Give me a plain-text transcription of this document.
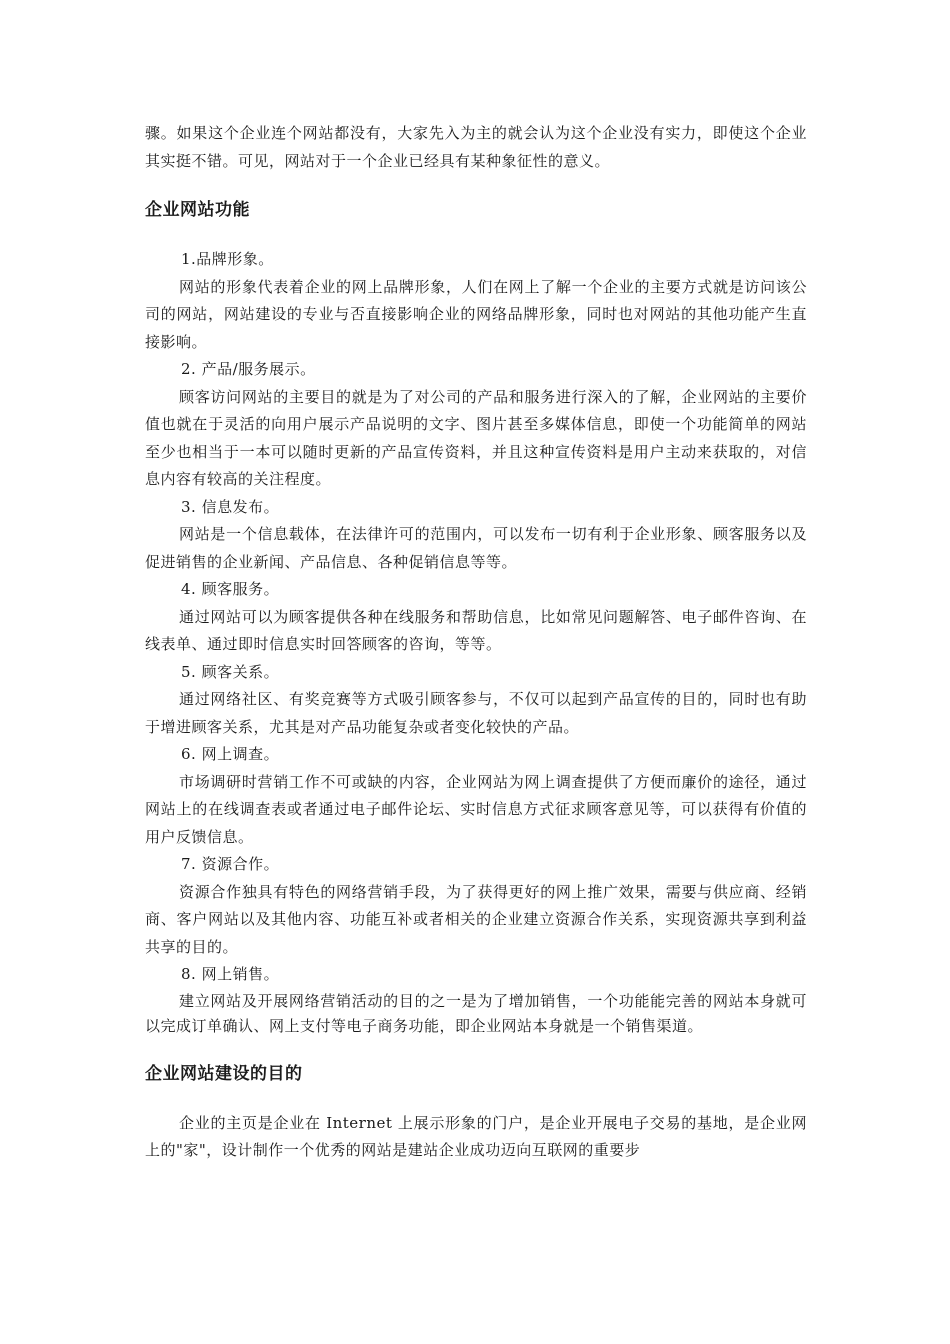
骤。如果这个企业连个网站都没有，大家先入为主的就会认为这个企业没有实力，即使这个企业其实挺不错。可见，网站对于一个企业已经具有某种象征性的意义。

企业网站功能

1.品牌形象。

网站的形象代表着企业的网上品牌形象，人们在网上了解一个企业的主要方式就是访问该公司的网站，网站建设的专业与否直接影响企业的网络品牌形象，同时也对网站的其他功能产生直接影响。

2. 产品/服务展示。

顾客访问网站的主要目的就是为了对公司的产品和服务进行深入的了解，企业网站的主要价值也就在于灵活的向用户展示产品说明的文字、图片甚至多媒体信息，即使一个功能简单的网站至少也相当于一本可以随时更新的产品宣传资料，并且这种宣传资料是用户主动来获取的，对信息内容有较高的关注程度。

3. 信息发布。

网站是一个信息载体，在法律许可的范围内，可以发布一切有利于企业形象、顾客服务以及促进销售的企业新闻、产品信息、各种促销信息等等。

4. 顾客服务。

通过网站可以为顾客提供各种在线服务和帮助信息，比如常见问题解答、电子邮件咨询、在线表单、通过即时信息实时回答顾客的咨询，等等。

5. 顾客关系。

通过网络社区、有奖竞赛等方式吸引顾客参与，不仅可以起到产品宣传的目的，同时也有助于增进顾客关系，尤其是对产品功能复杂或者变化较快的产品。

6. 网上调查。

市场调研时营销工作不可或缺的内容，企业网站为网上调查提供了方便而廉价的途径，通过网站上的在线调查表或者通过电子邮件论坛、实时信息方式征求顾客意见等，可以获得有价值的用户反馈信息。

7. 资源合作。

资源合作独具有特色的网络营销手段，为了获得更好的网上推广效果，需要与供应商、经销商、客户网站以及其他内容、功能互补或者相关的企业建立资源合作关系，实现资源共享到利益共享的目的。

8. 网上销售。

建立网站及开展网络营销活动的目的之一是为了增加销售，一个功能能完善的网站本身就可以完成订单确认、网上支付等电子商务功能，即企业网站本身就是一个销售渠道。

企业网站建设的目的

企业的主页是企业在 Internet 上展示形象的门户，是企业开展电子交易的基地，是企业网上的"家"，设计制作一个优秀的网站是建站企业成功迈向互联网的重要步
